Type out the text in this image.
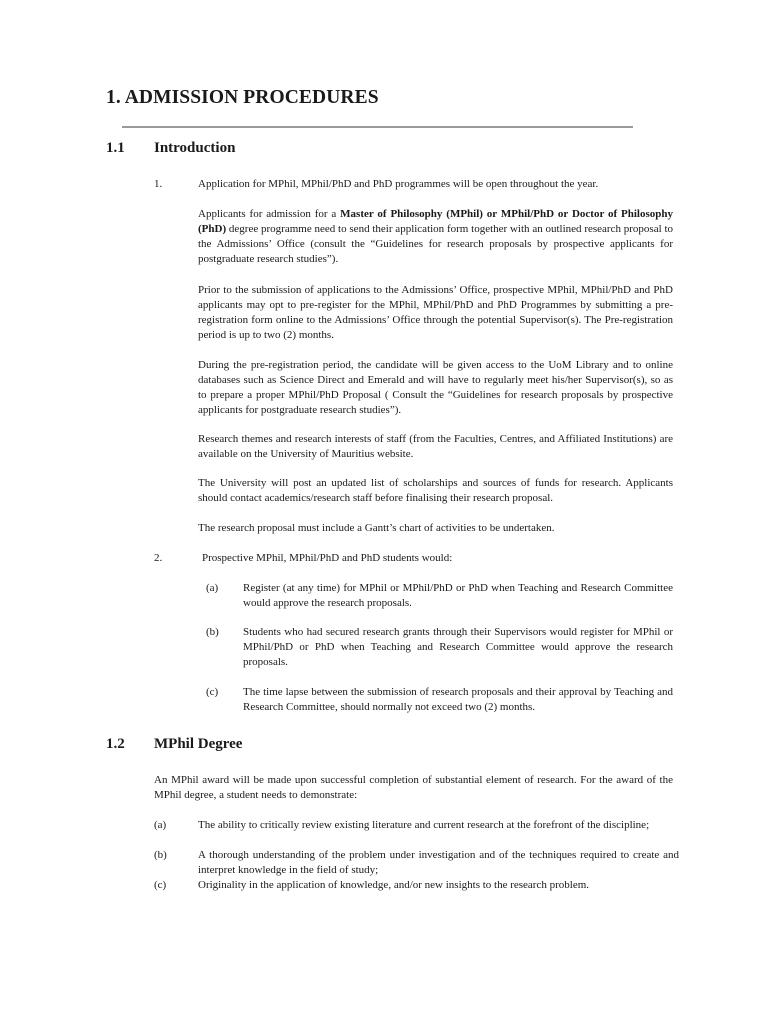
1. ADMISSION PROCEDURES
1.1 Introduction
1.	Application for MPhil, MPhil/PhD and PhD programmes will be open throughout the year.
Applicants for admission for a Master of Philosophy (MPhil) or MPhil/PhD or Doctor of Philosophy (PhD) degree programme need to send their application form together with an outlined research proposal to the Admissions’ Office (consult the “Guidelines for research proposals by prospective applicants for postgraduate research studies”).
Prior to the submission of applications to the Admissions’ Office, prospective MPhil, MPhil/PhD and PhD applicants may opt to pre-register for the MPhil, MPhil/PhD and PhD Programmes by submitting a pre-registration form online to the Admissions’ Office through the potential Supervisor(s). The Pre-registration period is up to two (2) months.
During the pre-registration period, the candidate will be given access to the UoM Library and to online databases such as Science Direct and Emerald and will have to regularly meet his/her Supervisor(s), so as to prepare a proper MPhil/PhD Proposal ( Consult the “Guidelines for research proposals by prospective applicants for postgraduate research studies”).
Research themes and research interests of staff (from the Faculties, Centres, and Affiliated Institutions) are available on the University of Mauritius website.
The University will post an updated list of scholarships and sources of funds for research. Applicants should contact academics/research staff before finalising their research proposal.
The research proposal must include a Gantt’s chart of activities to be undertaken.
2.	Prospective MPhil, MPhil/PhD and PhD students would:
(a) Register (at any time) for MPhil or MPhil/PhD or PhD when Teaching and Research Committee would approve the research proposals.
(b) Students who had secured research grants through their Supervisors would register for MPhil or MPhil/PhD or PhD when Teaching and Research Committee would approve the research proposals.
(c) The time lapse between the submission of research proposals and their approval by Teaching and Research Committee, should normally not exceed two (2) months.
1.2 MPhil Degree
An MPhil award will be made upon successful completion of substantial element of research. For the award of the MPhil degree, a student needs to demonstrate:
(a)	The ability to critically review existing literature and current research at the forefront of the discipline;
(b)	A thorough understanding of the problem under investigation and of the techniques required to create and interpret knowledge in the field of study;
(c)	Originality in the application of knowledge, and/or new insights to the research problem.
